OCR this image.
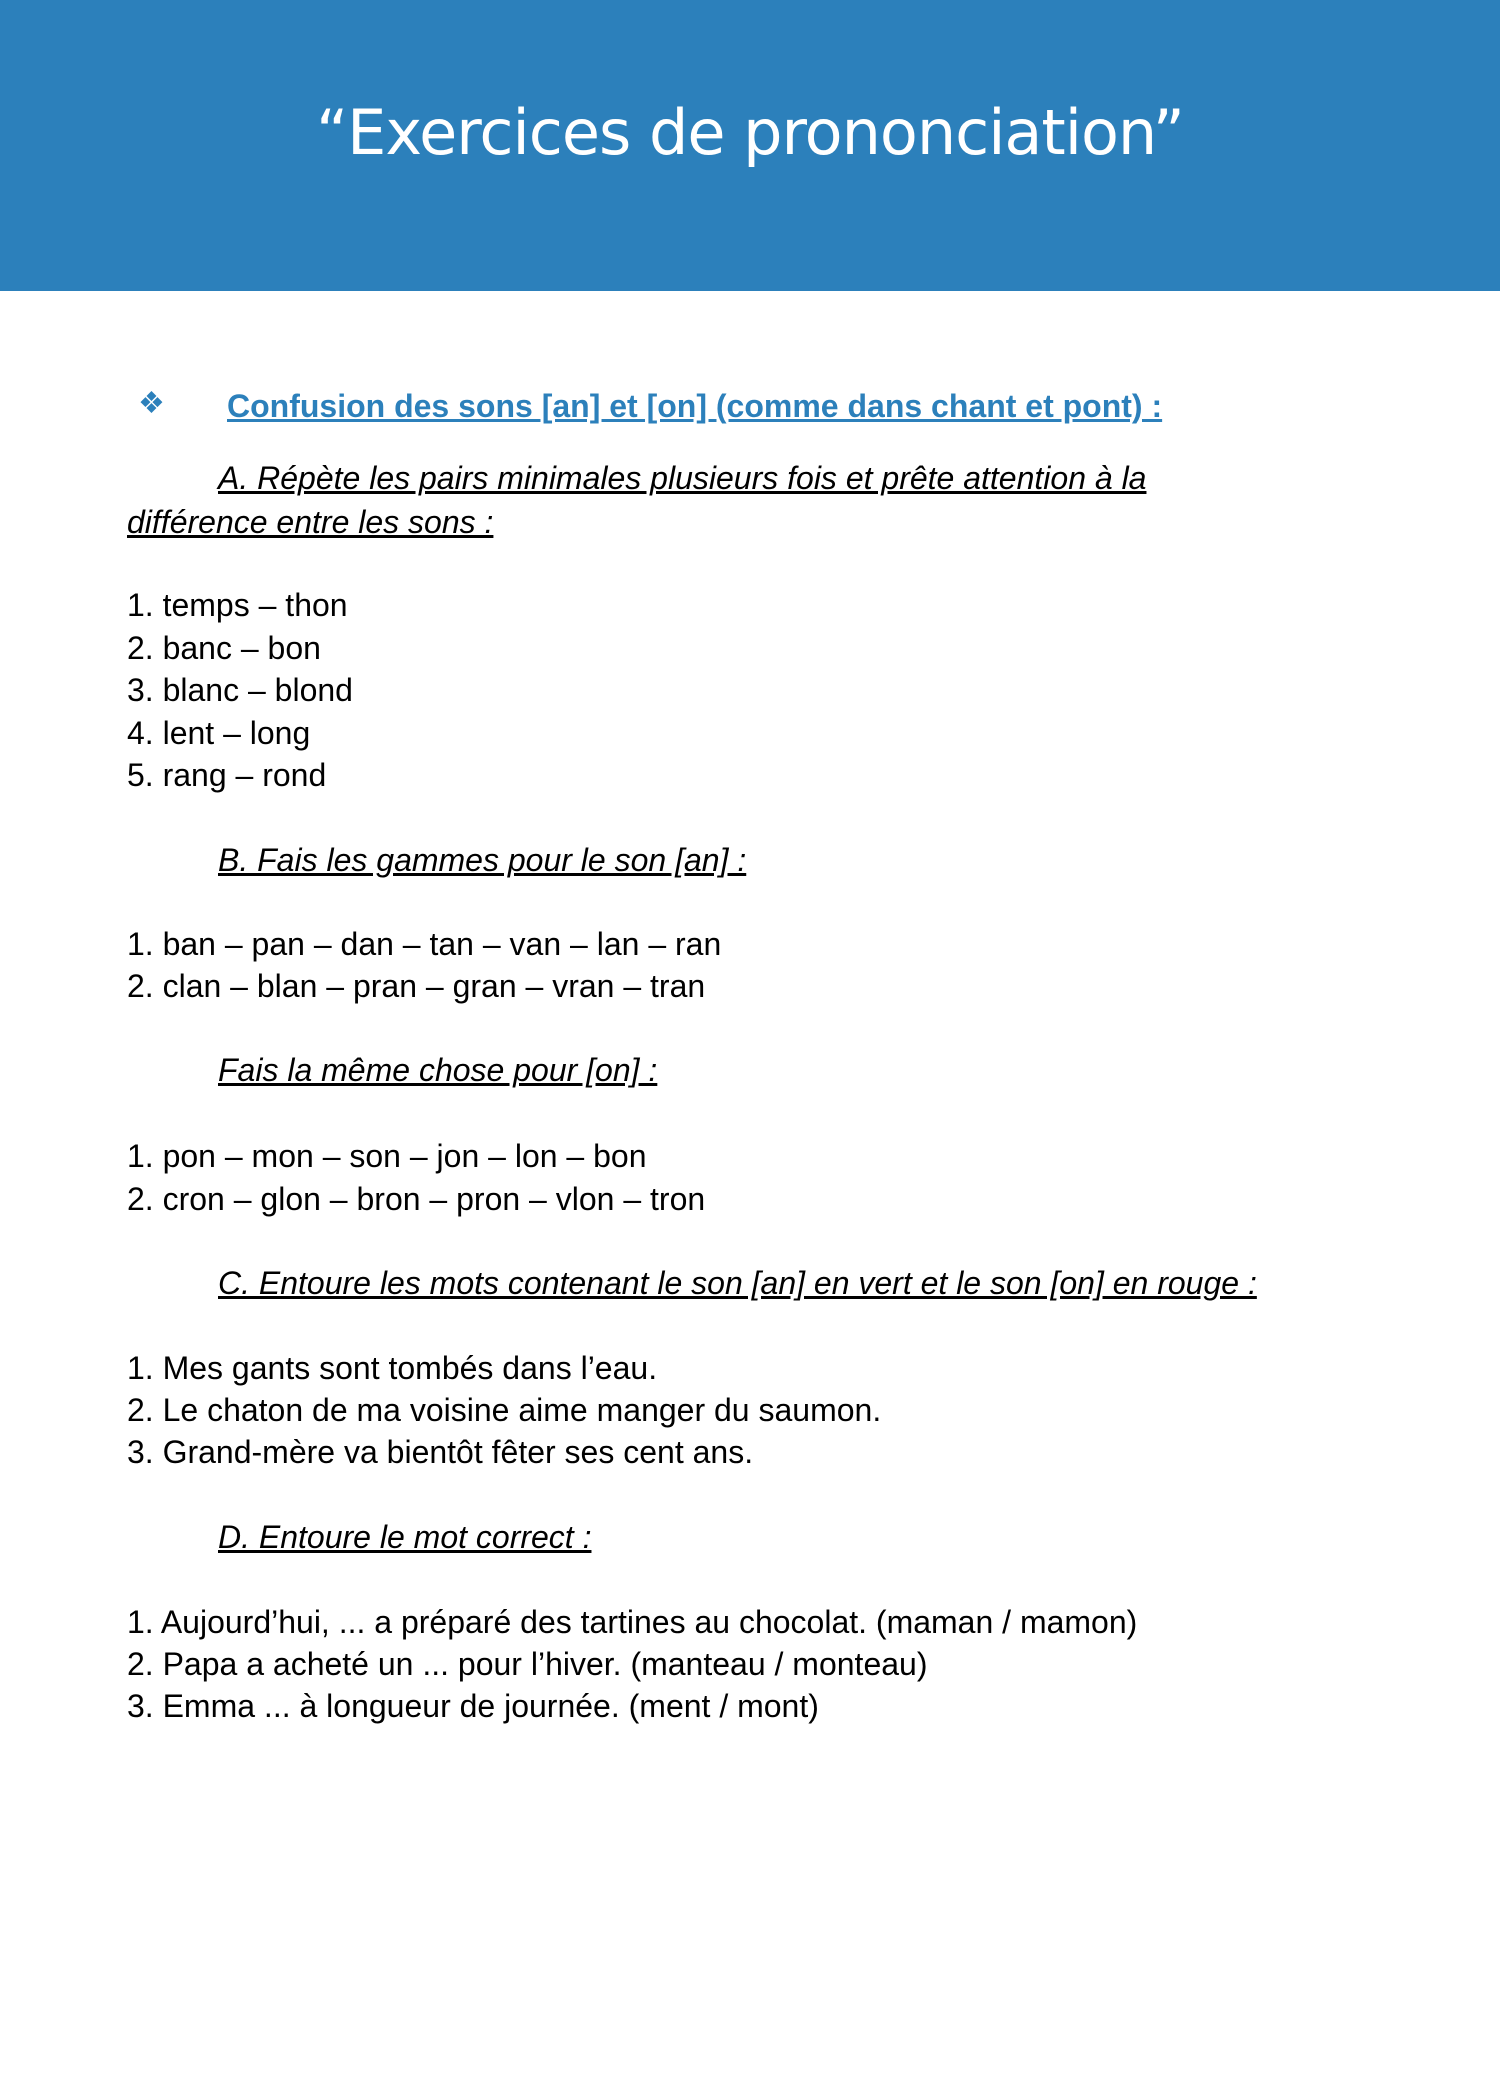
“Exercices de prononciation”
❖ Confusion des sons [an] et [on] (comme dans chant et pont) :
A. Répète les pairs minimales plusieurs fois et prête attention à la
différence entre les sons :
1. temps – thon
2. banc – bon
3. blanc – blond
4. lent – long
5. rang – rond
B. Fais les gammes pour le son [an] :
1. ban – pan – dan – tan – van – lan – ran
2. clan – blan – pran – gran – vran – tran
Fais la même chose pour [on] :
1. pon – mon – son – jon – lon – bon
2. cron – glon – bron – pron – vlon – tron
C. Entoure les mots contenant le son [an] en vert et le son [on] en rouge :
1. Mes gants sont tombés dans l’eau.
2. Le chaton de ma voisine aime manger du saumon.
3. Grand-mère va bientôt fêter ses cent ans.
D. Entoure le mot correct :
1. Aujourd’hui, ... a préparé des tartines au chocolat. (maman / mamon)
2. Papa a acheté un ... pour l’hiver. (manteau / monteau)
3. Emma ... à longueur de journée. (ment / mont)
